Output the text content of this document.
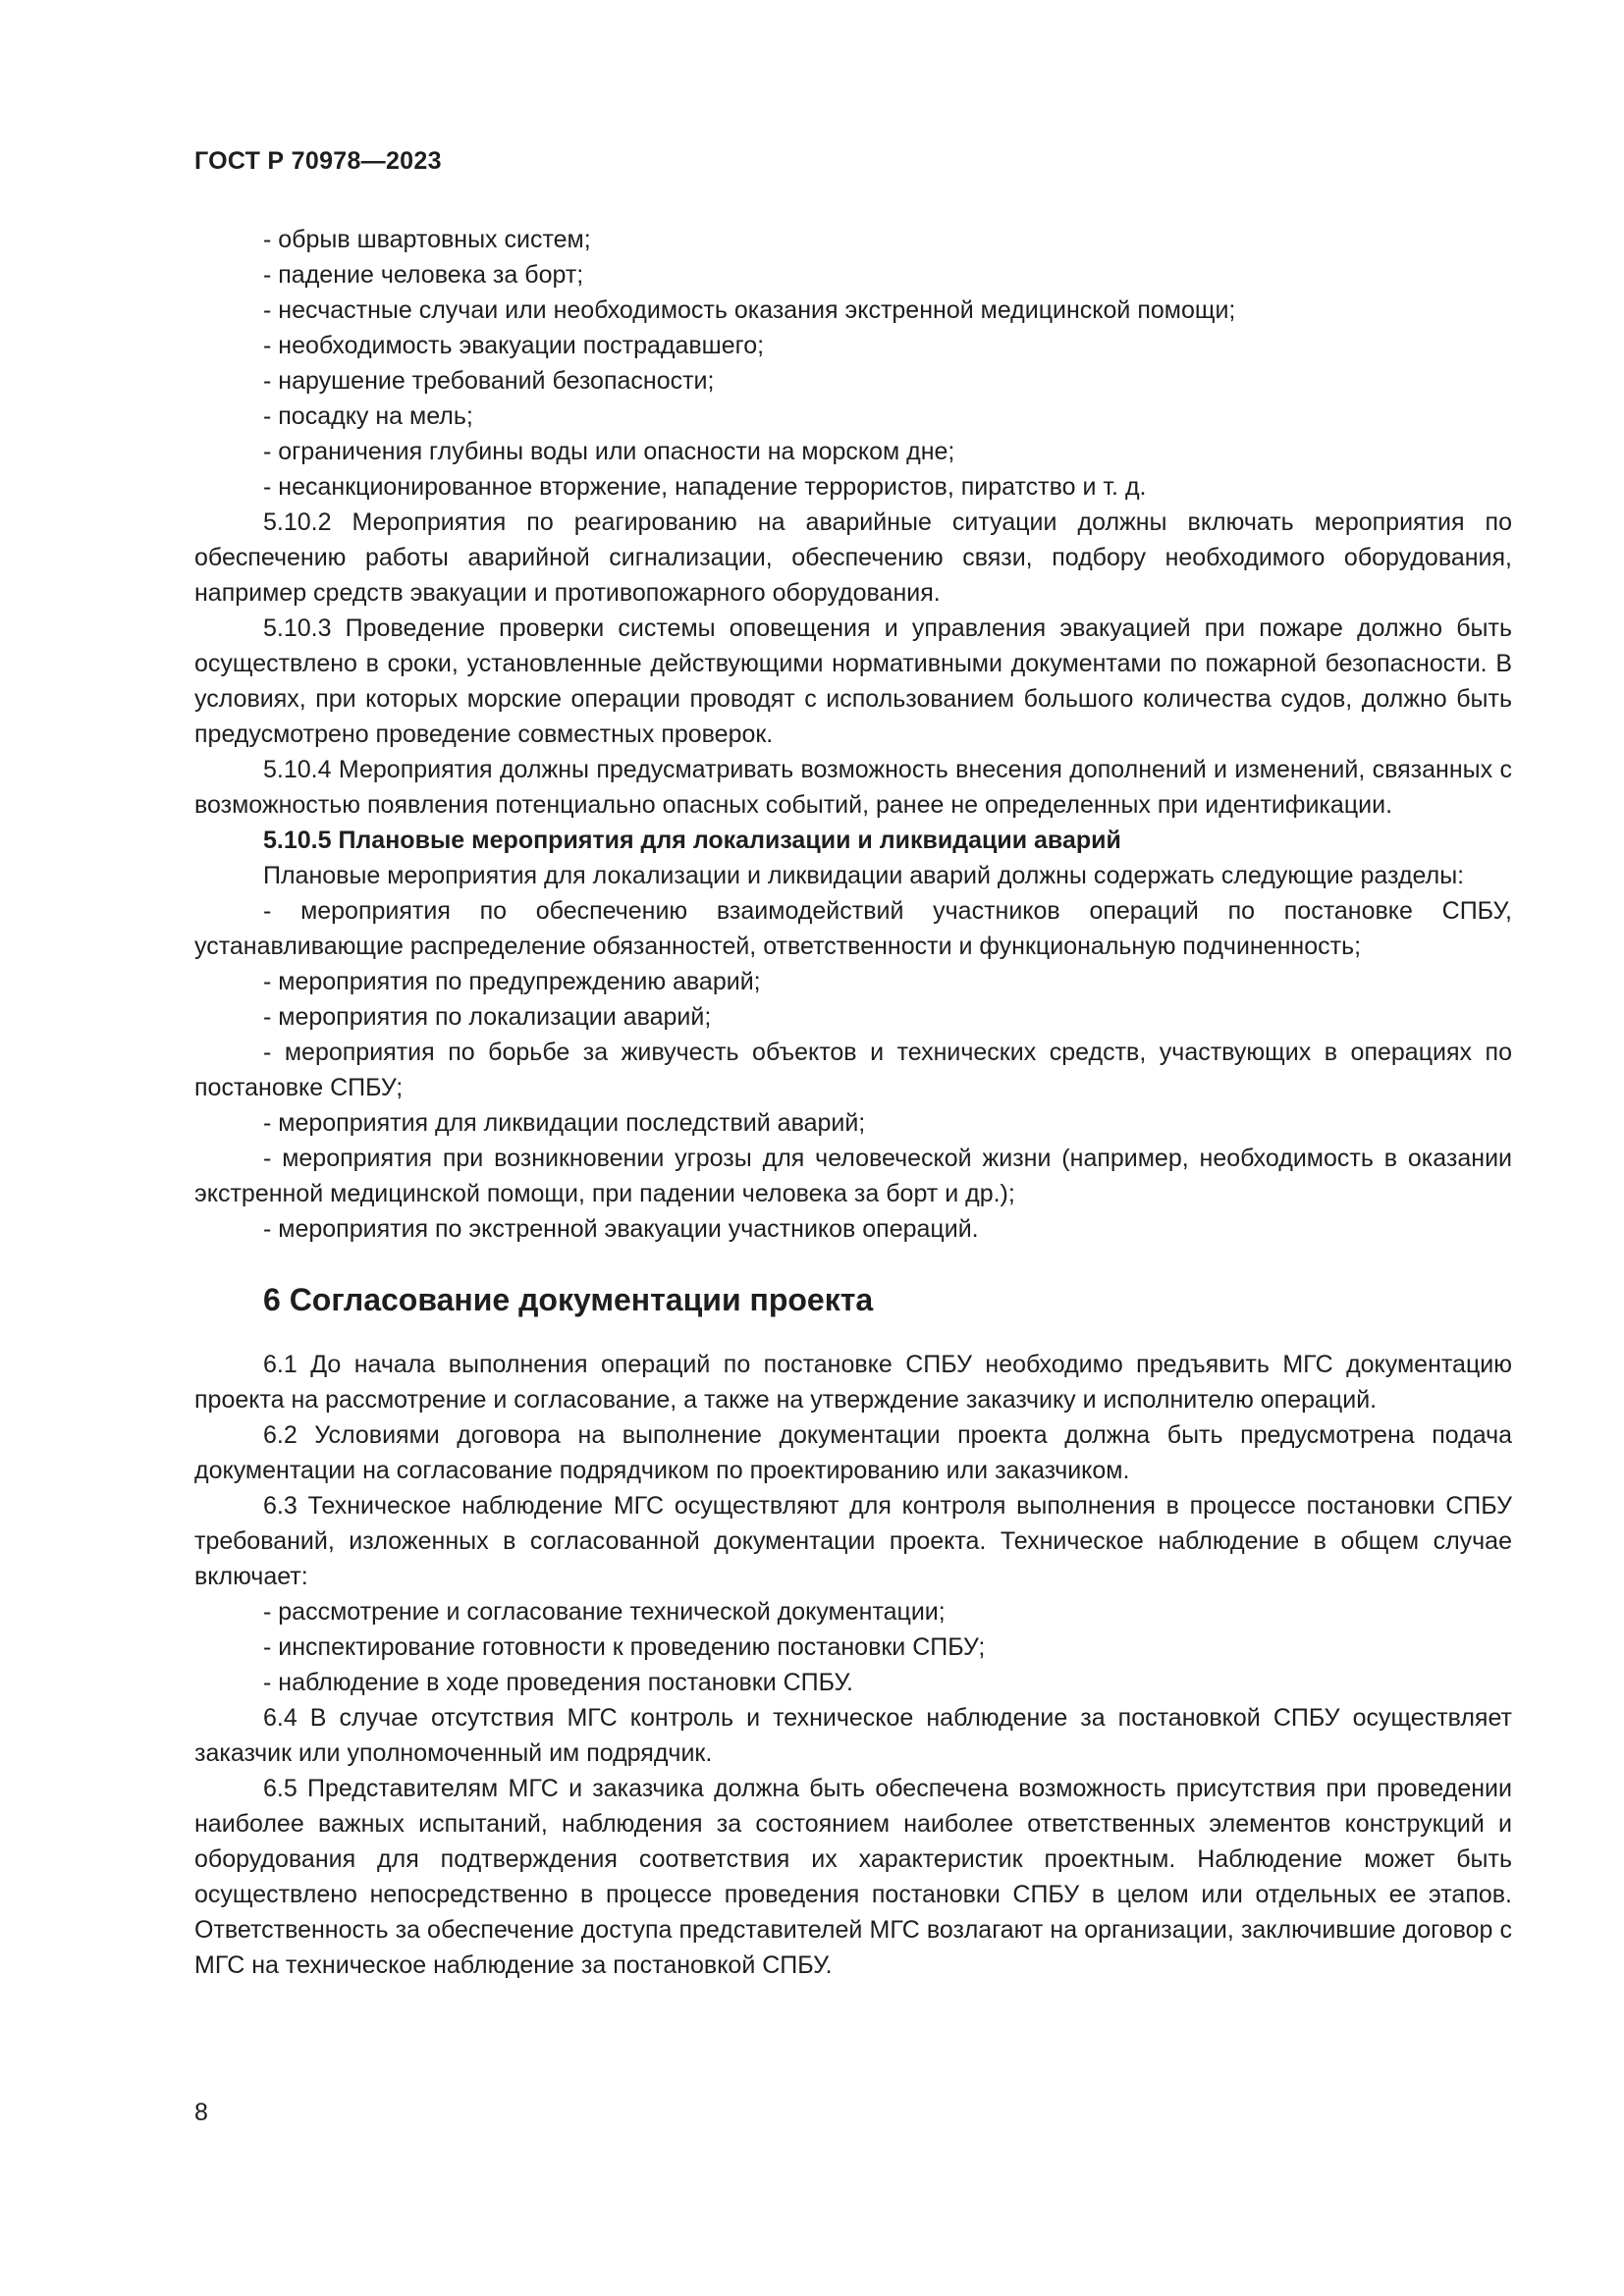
ГОСТ Р 70978—2023

- обрыв швартовных систем;

- падение человека за борт;

- несчастные случаи или необходимость оказания экстренной медицинской помощи;

- необходимость эвакуации пострадавшего;

- нарушение требований безопасности;

- посадку на мель;

- ограничения глубины воды или опасности на морском дне;

- несанкционированное вторжение, нападение террористов, пиратство и т. д.

5.10.2 Мероприятия по реагированию на аварийные ситуации должны включать мероприятия по обеспечению работы аварийной сигнализации, обеспечению связи, подбору необходимого оборудования, например средств эвакуации и противопожарного оборудования.

5.10.3 Проведение проверки системы оповещения и управления эвакуацией при пожаре должно быть осуществлено в сроки, установленные действующими нормативными документами по пожарной безопасности. В условиях, при которых морские операции проводят с использованием большого количества судов, должно быть предусмотрено проведение совместных проверок.

5.10.4 Мероприятия должны предусматривать возможность внесения дополнений и изменений, связанных с возможностью появления потенциально опасных событий, ранее не определенных при идентификации.

5.10.5 Плановые мероприятия для локализации и ликвидации аварий

Плановые мероприятия для локализации и ликвидации аварий должны содержать следующие разделы:

- мероприятия по обеспечению взаимодействий участников операций по постановке СПБУ, устанавливающие распределение обязанностей, ответственности и функциональную подчиненность;

- мероприятия по предупреждению аварий;

- мероприятия по локализации аварий;

- мероприятия по борьбе за живучесть объектов и технических средств, участвующих в операциях по постановке СПБУ;

- мероприятия для ликвидации последствий аварий;

- мероприятия при возникновении угрозы для человеческой жизни (например, необходимость в оказании экстренной медицинской помощи, при падении человека за борт и др.);

- мероприятия по экстренной эвакуации участников операций.

6 Согласование документации проекта

6.1 До начала выполнения операций по постановке СПБУ необходимо предъявить МГС документацию проекта на рассмотрение и согласование, а также на утверждение заказчику и исполнителю операций.

6.2 Условиями договора на выполнение документации проекта должна быть предусмотрена подача документации на согласование подрядчиком по проектированию или заказчиком.

6.3 Техническое наблюдение МГС осуществляют для контроля выполнения в процессе постановки СПБУ требований, изложенных в согласованной документации проекта. Техническое наблюдение в общем случае включает:

- рассмотрение и согласование технической документации;

- инспектирование готовности к проведению постановки СПБУ;

- наблюдение в ходе проведения постановки СПБУ.

6.4 В случае отсутствия МГС контроль и техническое наблюдение за постановкой СПБУ осуществляет заказчик или уполномоченный им подрядчик.

6.5 Представителям МГС и заказчика должна быть обеспечена возможность присутствия при проведении наиболее важных испытаний, наблюдения за состоянием наиболее ответственных элементов конструкций и оборудования для подтверждения соответствия их характеристик проектным. Наблюдение может быть осуществлено непосредственно в процессе проведения постановки СПБУ в целом или отдельных ее этапов. Ответственность за обеспечение доступа представителей МГС возлагают на организации, заключившие договор с МГС на техническое наблюдение за постановкой СПБУ.

8
